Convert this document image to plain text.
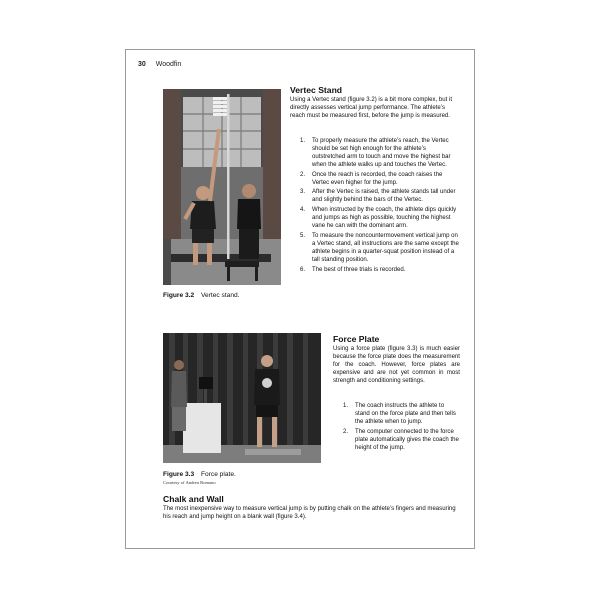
30 Woodfin
Figure 3.2 Vertec stand.
Vertec Stand

Using a Vertec stand (figure 3.2) is a bit more complex, but it directly assesses vertical jump performance. The athlete’s reach must be measured first, before the jump is measured.

1. To properly measure the athlete’s reach, the Vertec should be set high enough for the athlete’s outstretched arm to touch and move the highest bar when the athlete walks up and touches the Vertec.
2. Once the reach is recorded, the coach raises the Vertec even higher for the jump.
3. After the Vertec is raised, the athlete stands tall under and slightly behind the bars of the Vertec.
4. When instructed by the coach, the athlete dips quickly and jumps as high as possible, touching the highest vane he can with the dominant arm.
5. To measure the noncountermovement vertical jump on a Vertec stand, all instructions are the same except the athlete begins in a quarter-squat position instead of a tall standing position.
6. The best of three trials is recorded.
Figure 3.3 Force plate.
Courtesy of Andrea Romano
Force Plate

Using a force plate (figure 3.3) is much easier because the force plate does the measurement for the coach. However, force plates are expensive and are not yet common in most strength and conditioning settings.

1. The coach instructs the athlete to stand on the force plate and then tells the athlete when to jump.
2. The computer connected to the force plate automatically gives the coach the height of the jump.
Chalk and Wall

The most inexpensive way to measure vertical jump is by putting chalk on the athlete’s fingers and measuring his reach and jump height on a blank wall (figure 3.4).
